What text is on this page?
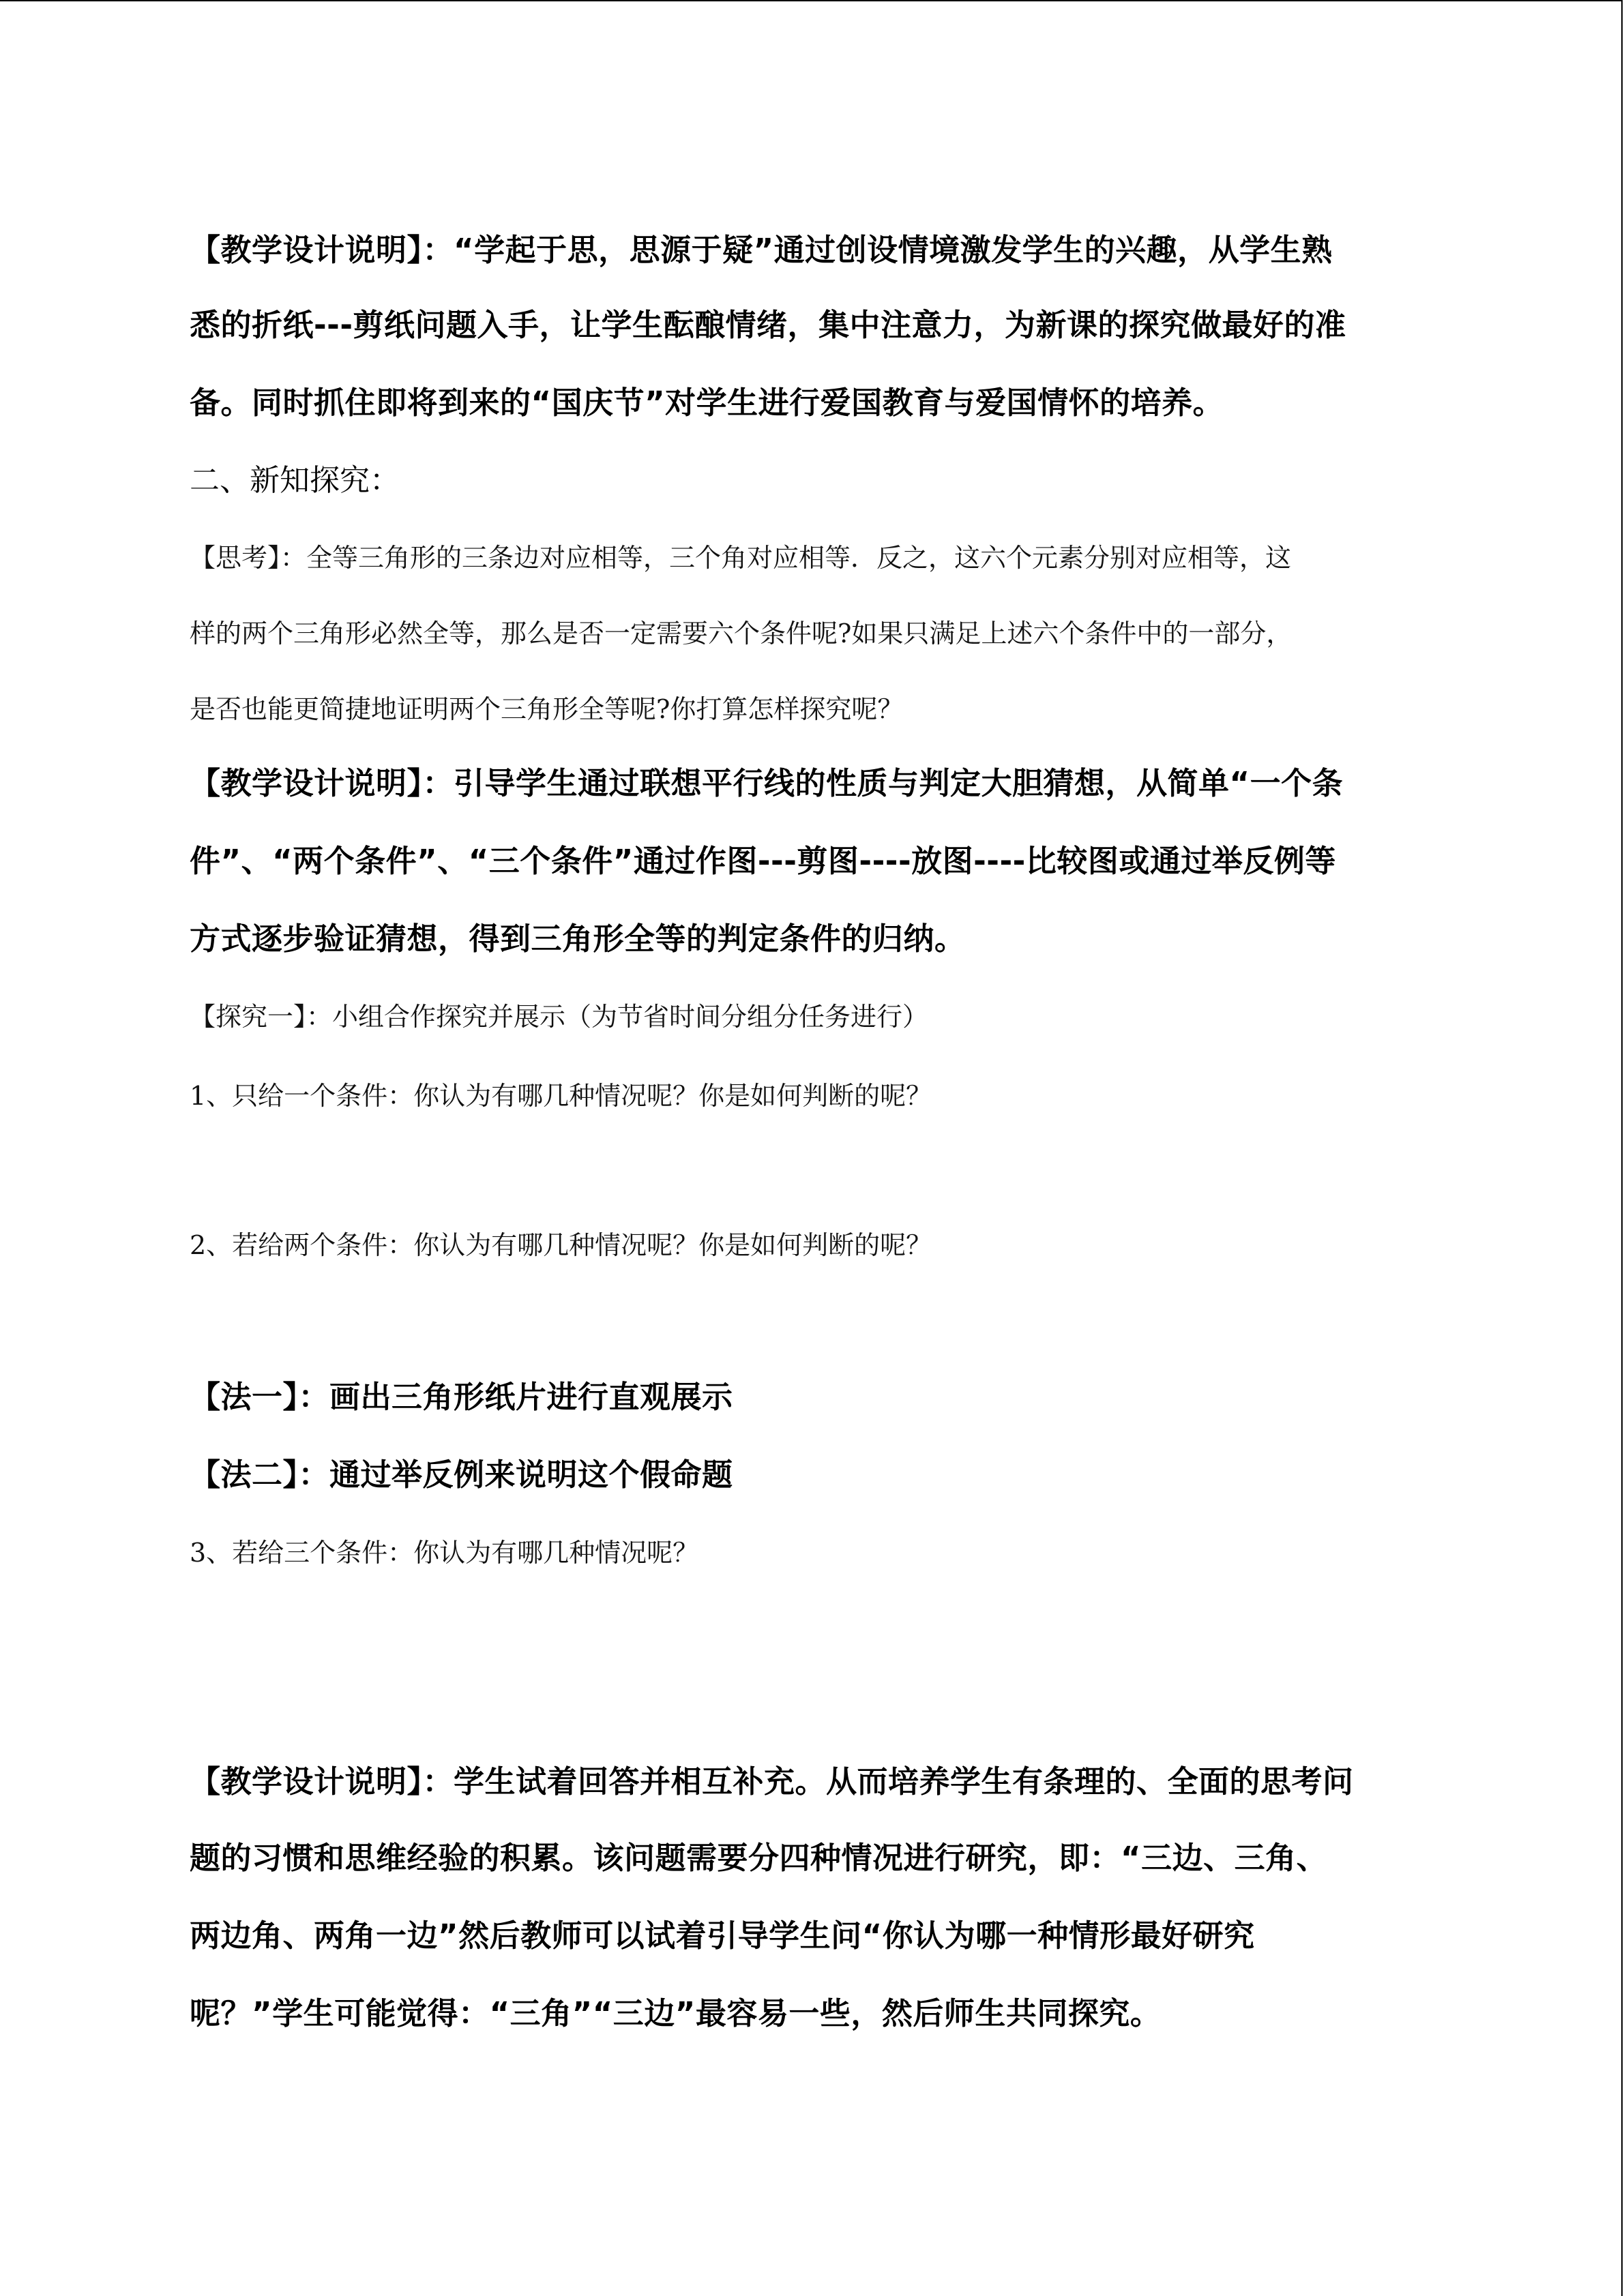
【教学设计说明】：“学起于思，思源于疑”通过创设情境激发学生的兴趣，从学生熟

悉的折纸---剪纸问题入手，让学生酝酿情绪，集中注意力，为新课的探究做最好的准

备。同时抓住即将到来的“国庆节”对学生进行爱国教育与爱国情怀的培养。

二、新知探究：

【思考】：全等三角形的三条边对应相等，三个角对应相等．反之，这六个元素分别对应相等，这

样的两个三角形必然全等，那么是否一定需要六个条件呢?如果只满足上述六个条件中的一部分，

是否也能更简捷地证明两个三角形全等呢?你打算怎样探究呢？

【教学设计说明】：引导学生通过联想平行线的性质与判定大胆猜想，从简单“一个条

件”、“两个条件”、“三个条件”通过作图---剪图----放图----比较图或通过举反例等

方式逐步验证猜想，得到三角形全等的判定条件的归纳。

【探究一】：小组合作探究并展示（为节省时间分组分任务进行）

1、只给一个条件：你认为有哪几种情况呢？你是如何判断的呢？

2、若给两个条件：你认为有哪几种情况呢？你是如何判断的呢？

【法一】：画出三角形纸片进行直观展示

【法二】：通过举反例来说明这个假命题

3、若给三个条件：你认为有哪几种情况呢？

【教学设计说明】：学生试着回答并相互补充。从而培养学生有条理的、全面的思考问

题的习惯和思维经验的积累。该问题需要分四种情况进行研究，即：“三边、三角、

两边角、两角一边”然后教师可以试着引导学生问“你认为哪一种情形最好研究

呢？”学生可能觉得：“三角”“三边”最容易一些，然后师生共同探究。
